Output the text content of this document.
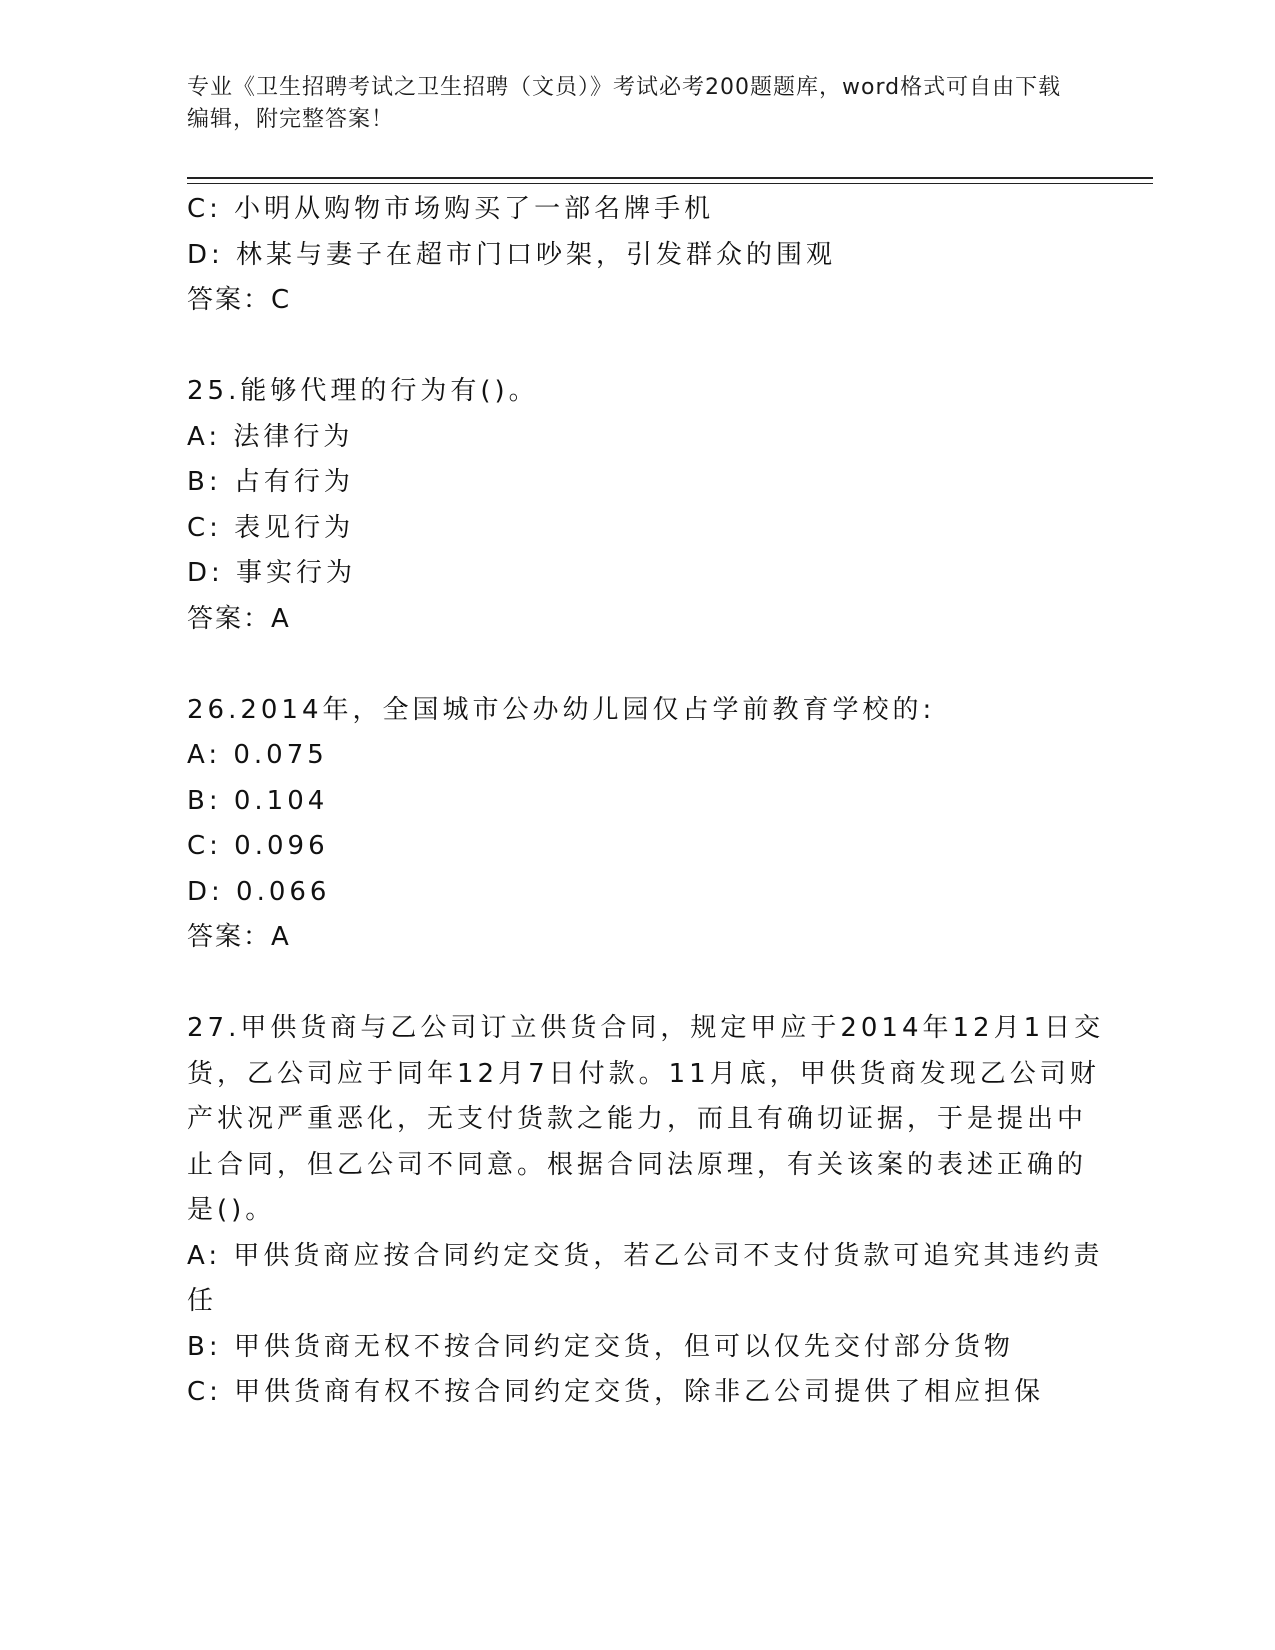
专业《卫生招聘考试之卫生招聘（文员）》考试必考200题题库，word格式可自由下载编辑，附完整答案！
C: 小明从购物市场购买了一部名牌手机
D: 林某与妻子在超市门口吵架，引发群众的围观
答案：C
25.能够代理的行为有()。
A: 法律行为
B: 占有行为
C: 表见行为
D: 事实行为
答案：A
26.2014年，全国城市公办幼儿园仅占学前教育学校的:
A: 0.075
B: 0.104
C: 0.096
D: 0.066
答案：A
27.甲供货商与乙公司订立供货合同，规定甲应于2014年12月1日交
货，乙公司应于同年12月7日付款。11月底，甲供货商发现乙公司财
产状况严重恶化，无支付货款之能力，而且有确切证据，于是提出中
止合同，但乙公司不同意。根据合同法原理，有关该案的表述正确的
是()。
A: 甲供货商应按合同约定交货，若乙公司不支付货款可追究其违约责
任
B: 甲供货商无权不按合同约定交货，但可以仅先交付部分货物
C: 甲供货商有权不按合同约定交货，除非乙公司提供了相应担保
